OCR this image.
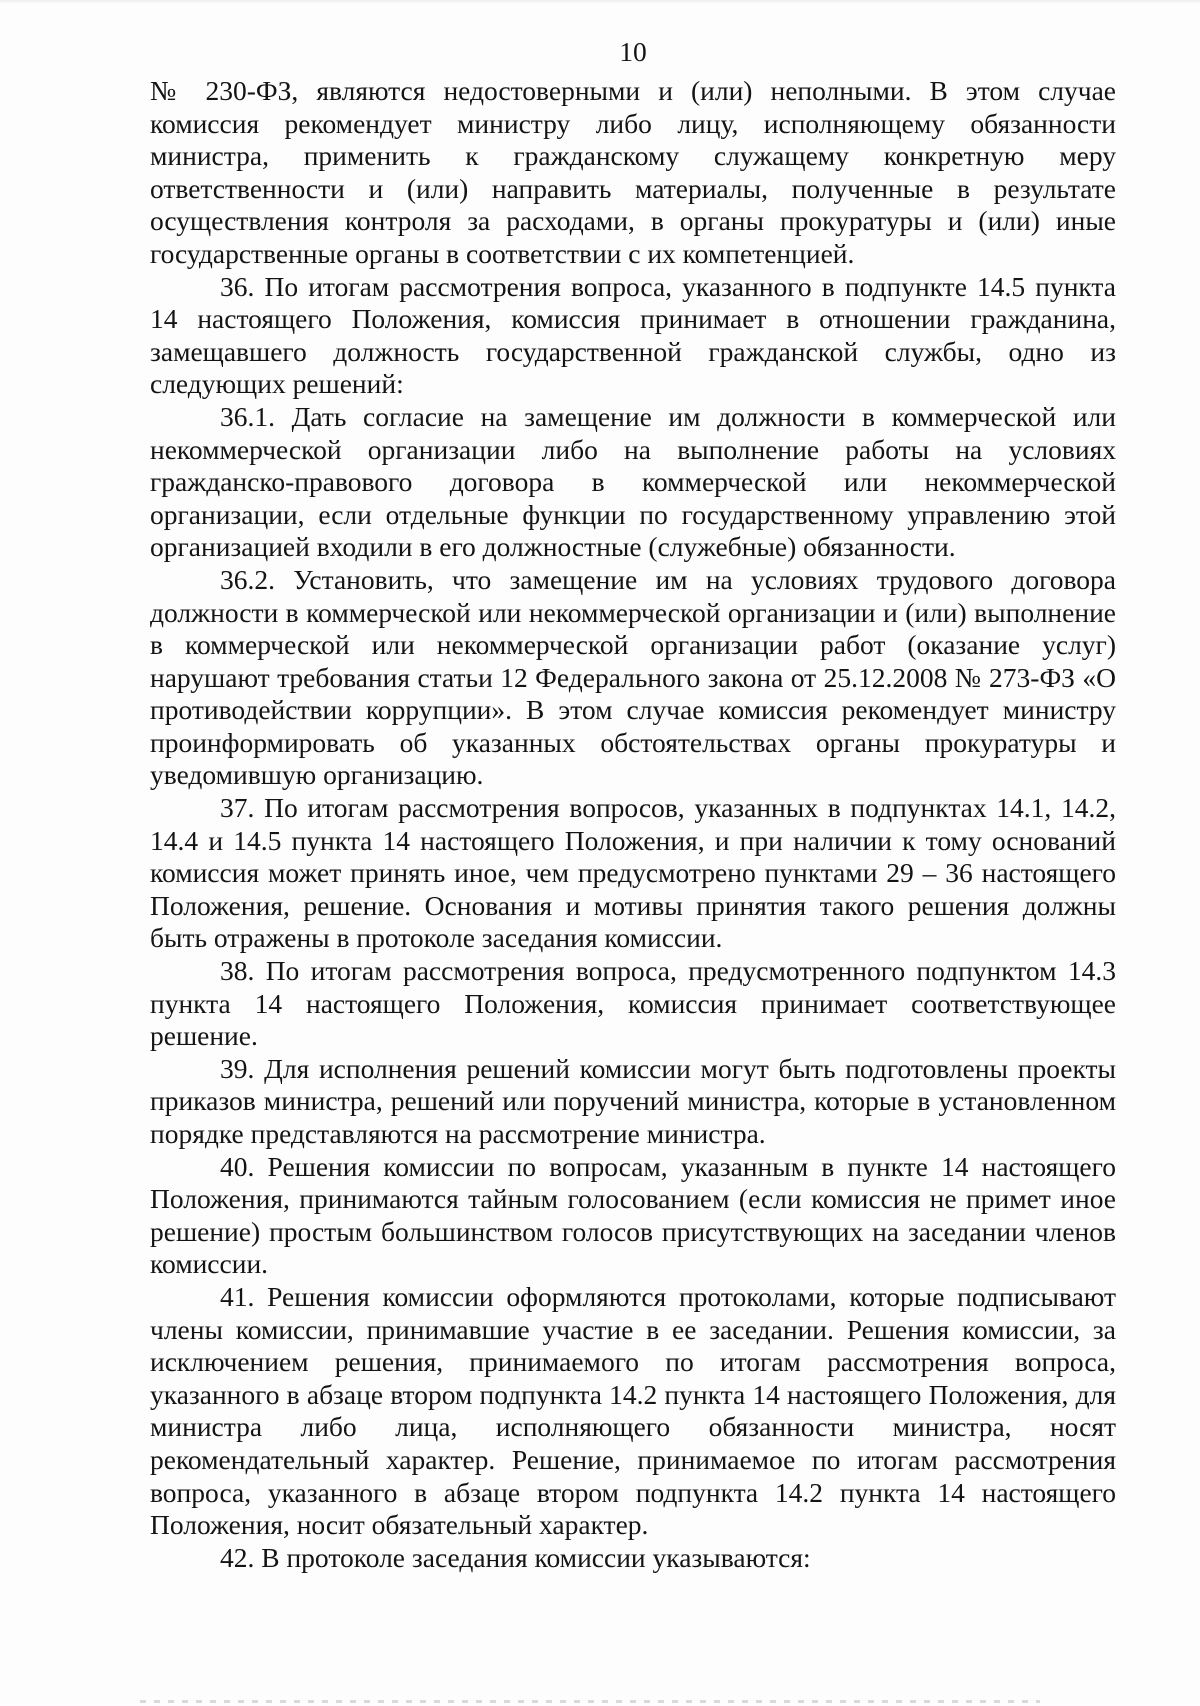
10

№ 230-ФЗ, являются недостоверными и (или) неполными. В этом случае комиссия рекомендует министру либо лицу, исполняющему обязанности министра, применить к гражданскому служащему конкретную меру ответственности и (или) направить материалы, полученные в результате осуществления контроля за расходами, в органы прокуратуры и (или) иные государственные органы в соответствии с их компетенцией.

36. По итогам рассмотрения вопроса, указанного в подпункте 14.5 пункта 14 настоящего Положения, комиссия принимает в отношении гражданина, замещавшего должность государственной гражданской службы, одно из следующих решений:

36.1. Дать согласие на замещение им должности в коммерческой или некоммерческой организации либо на выполнение работы на условиях гражданско-правового договора в коммерческой или некоммерческой организации, если отдельные функции по государственному управлению этой организацией входили в его должностные (служебные) обязанности.

36.2. Установить, что замещение им на условиях трудового договора должности в коммерческой или некоммерческой организации и (или) выполнение в коммерческой или некоммерческой организации работ (оказание услуг) нарушают требования статьи 12 Федерального закона от 25.12.2008 № 273-ФЗ «О противодействии коррупции». В этом случае комиссия рекомендует министру проинформировать об указанных обстоятельствах органы прокуратуры и уведомившую организацию.

37. По итогам рассмотрения вопросов, указанных в подпунктах 14.1, 14.2, 14.4 и 14.5 пункта 14 настоящего Положения, и при наличии к тому оснований комиссия может принять иное, чем предусмотрено пунктами 29 – 36 настоящего Положения, решение. Основания и мотивы принятия такого решения должны быть отражены в протоколе заседания комиссии.

38. По итогам рассмотрения вопроса, предусмотренного подпунктом 14.3 пункта 14 настоящего Положения, комиссия принимает соответствующее решение.

39. Для исполнения решений комиссии могут быть подготовлены проекты приказов министра, решений или поручений министра, которые в установленном порядке представляются на рассмотрение министра.

40. Решения комиссии по вопросам, указанным в пункте 14 настоящего Положения, принимаются тайным голосованием (если комиссия не примет иное решение) простым большинством голосов присутствующих на заседании членов комиссии.

41. Решения комиссии оформляются протоколами, которые подписывают члены комиссии, принимавшие участие в ее заседании. Решения комиссии, за исключением решения, принимаемого по итогам рассмотрения вопроса, указанного в абзаце втором подпункта 14.2 пункта 14 настоящего Положения, для министра либо лица, исполняющего обязанности министра, носят рекомендательный характер. Решение, принимаемое по итогам рассмотрения вопроса, указанного в абзаце втором подпункта 14.2 пункта 14 настоящего Положения, носит обязательный характер.

42. В протоколе заседания комиссии указываются:
